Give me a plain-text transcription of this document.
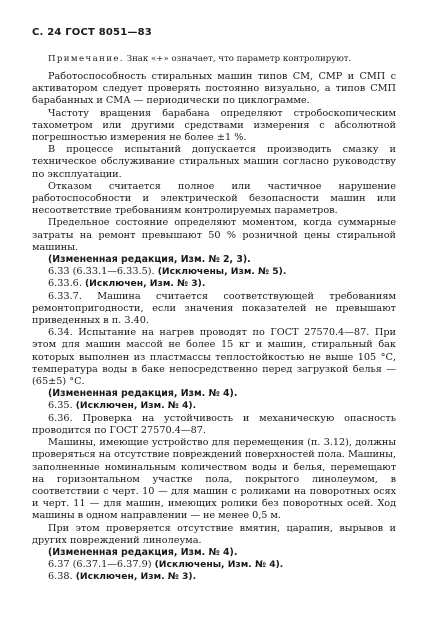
С. 24 ГОСТ 8051—83

Примечание. Знак «+» означает, что параметр контролируют.

Работоспособность стиральных машин типов СМ, СМР и СМП с активатором следует проверять постоянно визуально, а типов СМП барабанных и СМА — периодически по циклограмме.

Частоту вращения барабана определяют стробоскопическим тахометром или другими средствами измерения с абсолютной погрешностью измерения не более ±1 %.

В процессе испытаний допускается производить смазку и техническое обслуживание стиральных машин согласно руководству по эксплуатации.

Отказом считается полное или частичное нарушение работоспособности и электрической безопасности машин или несоответствие требованиям контролируемых параметров.

Предельное состояние определяют моментом, когда суммарные затраты на ремонт превышают 50 % розничной цены стиральной машины.

(Измененная редакция, Изм. № 2, 3).

6.33 (6.33.1—6.33.5). (Исключены, Изм. № 5).

6.33.6. (Исключен, Изм. № 3).

6.33.7. Машина считается соответствующей требованиям ремонтопригодности, если значения показателей не превышают приведенных в п. 3.40.

6.34. Испытание на нагрев проводят по ГОСТ 27570.4—87. При этом для машин массой не более 15 кг и машин, стиральный бак которых выполнен из пластмассы теплостойкостью не выше 105 °С, температура воды в баке непосредственно перед загрузкой белья — (65±5) °С.

(Измененная редакция, Изм. № 4).

6.35. (Исключен, Изм. № 4).

6.36. Проверка на устойчивость и механическую опасность проводится по ГОСТ 27570.4—87.

Машины, имеющие устройство для перемещения (п. 3.12), должны проверяться на отсутствие повреждений поверхностей пола. Машины, заполненные номинальным количеством воды и белья, перемещают на горизонтальном участке пола, покрытого линолеумом, в соответствии с черт. 10 — для машин с роликами на поворотных осях и черт. 11 — для машин, имеющих ролики без поворотных осей. Ход машины в одном направлении — не менее 0,5 м.

При этом проверяется отсутствие вмятин, царапин, вырывов и других повреждений линолеума.

(Измененная редакция, Изм. № 4).

6.37 (6.37.1—6.37.9) (Исключены, Изм. № 4).

6.38. (Исключен, Изм. № 3).
